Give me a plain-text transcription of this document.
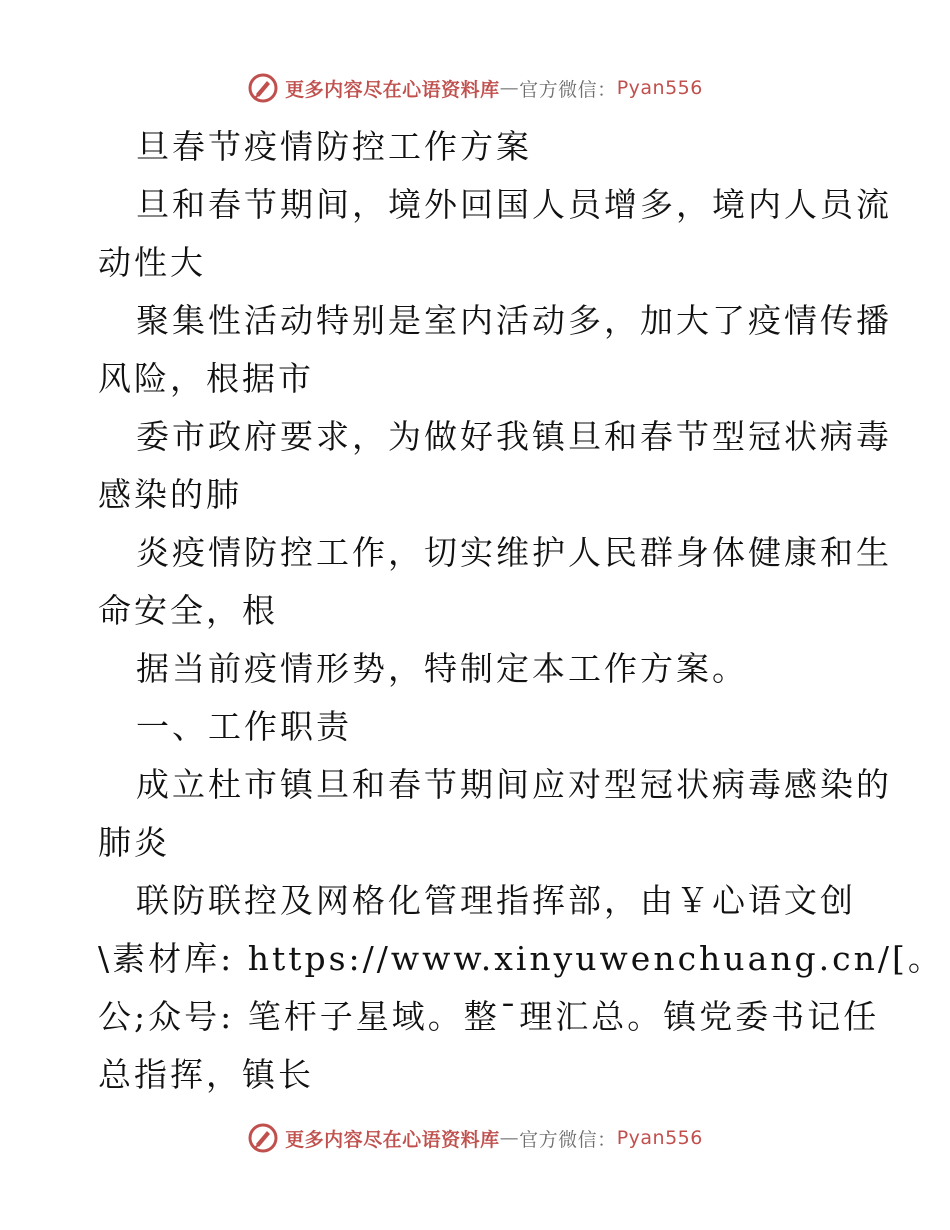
更多内容尽在心语资料库 — 官方微信： Pyan556
旦春节疫情防控工作方案
旦和春节期间，境外回国人员增多，境内人员流
动性大
聚集性活动特别是室内活动多，加大了疫情传播
风险，根据市
委市政府要求，为做好我镇旦和春节型冠状病毒
感染的肺
炎疫情防控工作，切实维护人民群身体健康和生
命安全，根
据当前疫情形势，特制定本工作方案。
一、工作职责
成立杜市镇旦和春节期间应对型冠状病毒感染的
肺炎
联防联控及网格化管理指挥部，由￥心语文创
\素材库: https://www.xinyuwenchuang.cn/[。
公;众号: 笔杆子星域。整¯理汇总。镇党委书记任
总指挥，镇长
更多内容尽在心语资料库 — 官方微信： Pyan556
